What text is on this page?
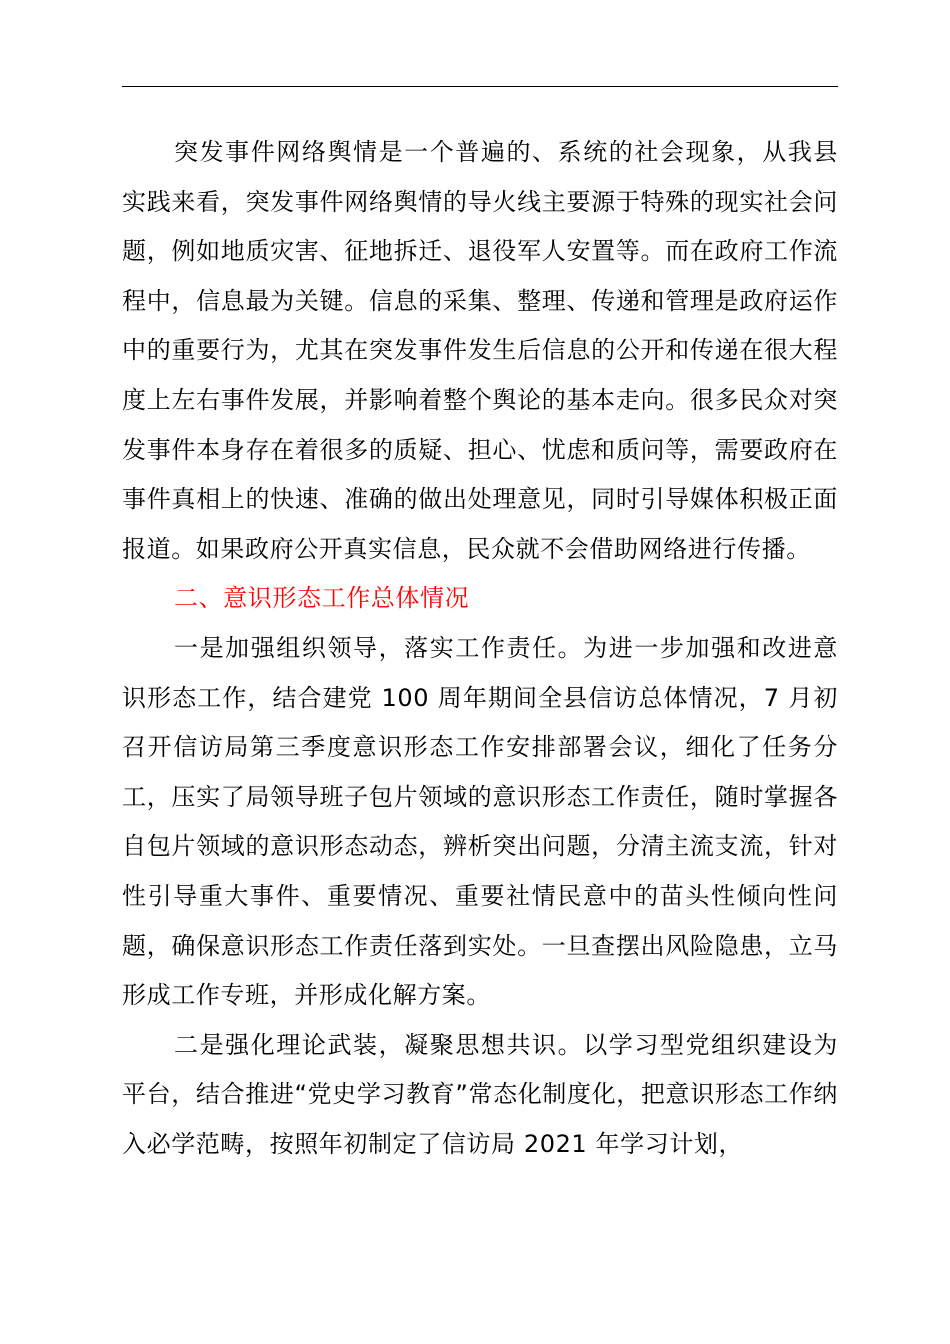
突发事件网络舆情是一个普遍的、系统的社会现象，从我县实践来看，突发事件网络舆情的导火线主要源于特殊的现实社会问题，例如地质灾害、征地拆迁、退役军人安置等。而在政府工作流程中，信息最为关键。信息的采集、整理、传递和管理是政府运作中的重要行为，尤其在突发事件发生后信息的公开和传递在很大程度上左右事件发展，并影响着整个舆论的基本走向。很多民众对突发事件本身存在着很多的质疑、担心、忧虑和质问等，需要政府在事件真相上的快速、准确的做出处理意见，同时引导媒体积极正面报道。如果政府公开真实信息，民众就不会借助网络进行传播。

二、意识形态工作总体情况

一是加强组织领导，落实工作责任。为进一步加强和改进意识形态工作，结合建党 100 周年期间全县信访总体情况，7 月初召开信访局第三季度意识形态工作安排部署会议，细化了任务分工，压实了局领导班子包片领域的意识形态工作责任，随时掌握各自包片领域的意识形态动态，辨析突出问题，分清主流支流，针对性引导重大事件、重要情况、重要社情民意中的苗头性倾向性问题，确保意识形态工作责任落到实处。一旦查摆出风险隐患，立马形成工作专班，并形成化解方案。

二是强化理论武装，凝聚思想共识。以学习型党组织建设为平台，结合推进“党史学习教育”常态化制度化，把意识形态工作纳入必学范畴，按照年初制定了信访局 2021 年学习计划，
